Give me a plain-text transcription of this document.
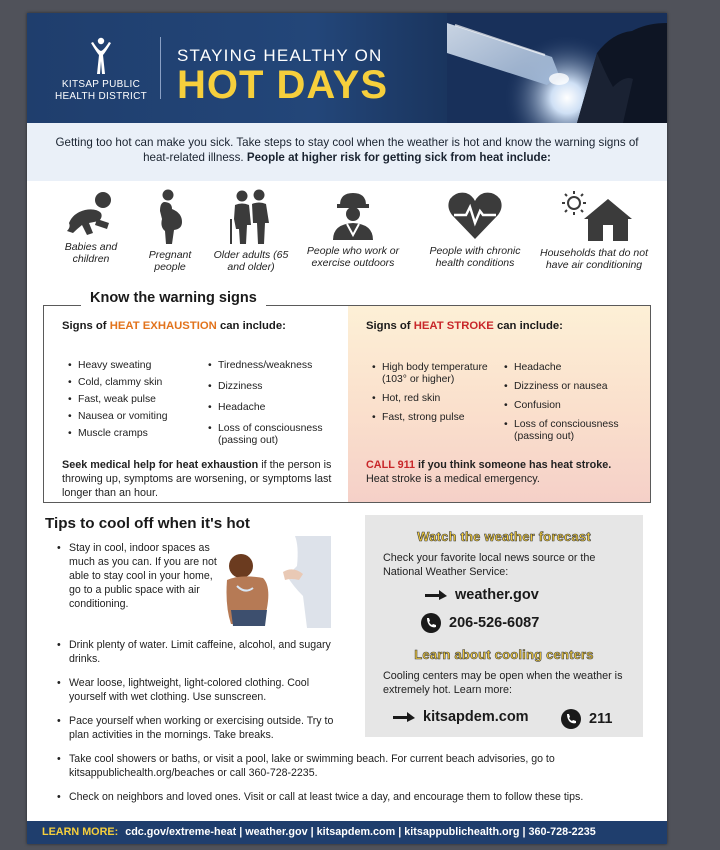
KITSAP PUBLIC
HEALTH DISTRICT
STAYING HEALTHY ON
HOT DAYS
Getting too hot can make you sick. Take steps to stay cool when the weather is hot and know the warning signs of heat-related illness. People at higher risk for getting sick from heat include:
Babies and children	Pregnant people
Older adults (65 and older)
People who work or exercise outdoors
People with chronic health conditions
Households that do not have air conditioning
Signs of HEAT EXHAUSTION can include:
• Heavy sweating
• Cold, clammy skin
• Fast, weak pulse
• Nausea or vomiting
• Muscle cramps
• Tiredness/weakness
• Dizziness
• Headache
• Loss of consciousness (passing out)
Seek medical help for heat exhaustion if the person is throwing up, symptoms are worsening, or symptoms last longer than an hour.
Signs of HEAT STROKE can include:
• High body temperature (103° or higher)
• Hot, red skin
• Fast, strong pulse
• Headache
• Dizziness or nausea
• Confusion
• Loss of consciousness (passing out)
CALL 911 if you think someone has heat stroke. Heat stroke is a medical emergency.
Know the warning signs
Tips to cool off when it's hot
• Stay in cool, indoor spaces as much as you can. If you are not able to stay cool in your home, go to a public space with air conditioning.
• Drink plenty of water. Limit caffeine, alcohol, and sugary drinks.
• Wear loose, lightweight, light-colored clothing. Cool yourself with wet clothing. Use sunscreen.
• Pace yourself when working or exercising outside. Try to plan activities in the mornings. Take breaks.
• Take cool showers or baths, or visit a pool, lake or swimming beach. For current beach advisories, go to kitsappublichealth.org/beaches or call 360-728-2235.
• Check on neighbors and loved ones. Visit or call at least twice a day, and encourage them to follow these tips.
Watch the weather forecast
Check your favorite local news source or the National Weather Service:
weather.gov
206-526-6087
Learn about cooling centers
Cooling centers may be open when the weather is extremely hot. Learn more:
kitsapdem.com	211
LEARN MORE: cdc.gov/extreme-heat | weather.gov | kitsapdem.com | kitsappublichealth.org | 360-728-2235
